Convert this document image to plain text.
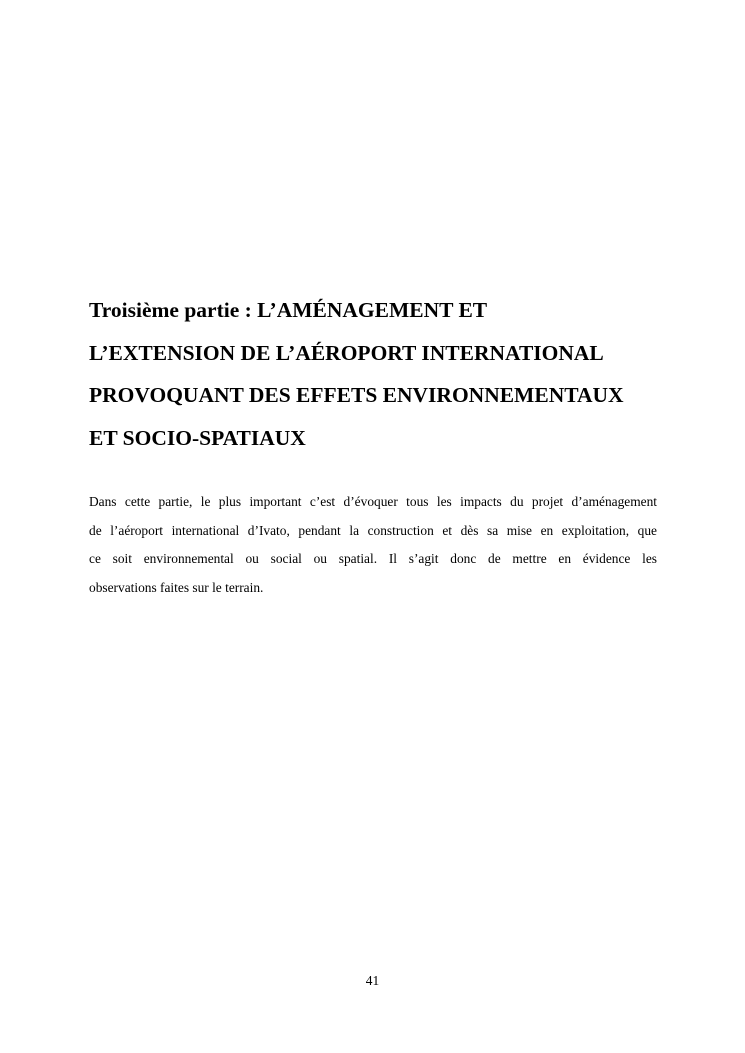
Troisième partie : L’AMÉNAGEMENT ET
L’EXTENSION DE L’AÉROPORT INTERNATIONAL
PROVOQUANT DES EFFETS ENVIRONNEMENTAUX
ET SOCIO-SPATIAUX

Dans cette partie, le plus important c’est d’évoquer tous les impacts du projet d’aménagement
de l’aéroport international d’Ivato, pendant la construction et dès sa mise en exploitation, que
ce soit environnemental ou social ou spatial. Il s’agit donc de mettre en évidence les
observations faites sur le terrain.

41
